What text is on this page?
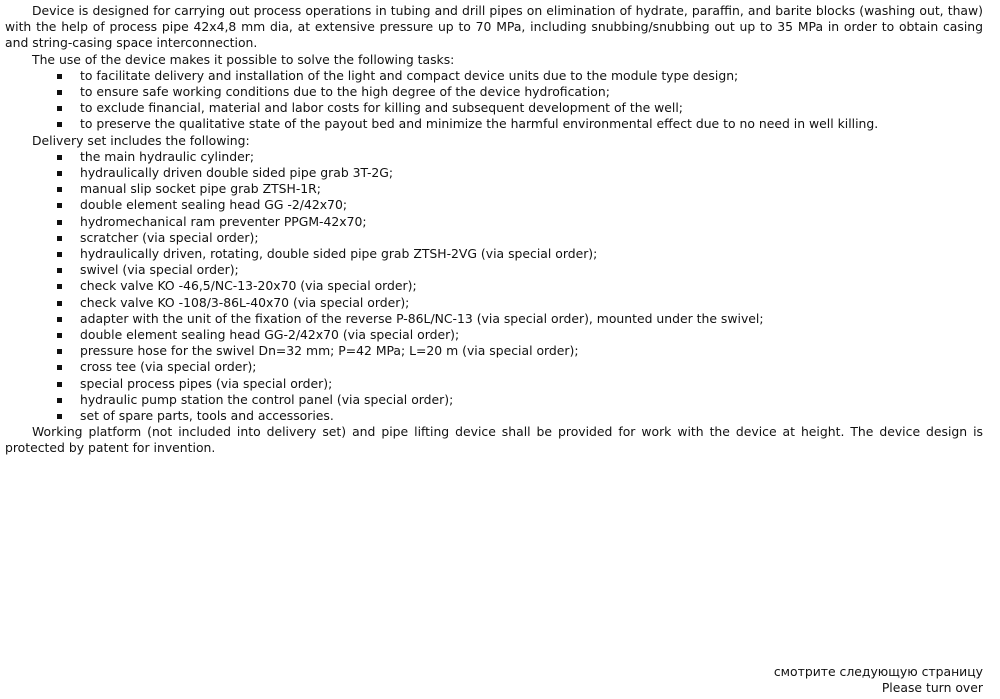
Device is designed for carrying out process operations in tubing and drill pipes on elimination of hydrate, paraffin, and barite blocks (washing out, thaw) with the help of process pipe 42x4,8 mm dia, at extensive pressure up to 70 MPa, including snubbing/snubbing out up to 35 MPa in order to obtain casing and string-casing space interconnection.

The use of the device makes it possible to solve the following tasks:

to facilitate delivery and installation of the light and compact device units due to the module type design;
to ensure safe working conditions due to the high degree of the device hydrofication;
to exclude financial, material and labor costs for killing and subsequent development of the well;
to preserve the qualitative state of the payout bed and minimize the harmful environmental effect due to no need in well killing.

Delivery set includes the following:

the main hydraulic cylinder;
hydraulically driven double sided pipe grab 3T-2G;
manual slip socket pipe grab ZTSH-1R;
double element sealing head GG -2/42x70;
hydromechanical ram preventer PPGM-42x70;
scratcher (via special order);
hydraulically driven, rotating, double sided pipe grab ZTSH-2VG (via special order);
swivel (via special order);
check valve KO -46,5/NC-13-20x70 (via special order);
check valve KO -108/3-86L-40x70 (via special order);
adapter with the unit of the fixation of the reverse P-86L/NC-13 (via special order), mounted under the swivel;
double element sealing head GG-2/42x70 (via special order);
pressure hose for the swivel Dn=32 mm; P=42 MPa; L=20 m (via special order);
cross tee (via special order);
special process pipes (via special order);
hydraulic pump station the control panel (via special order);
set of spare parts, tools and accessories.

Working platform (not included into delivery set) and pipe lifting device shall be provided for work with the device at height. The device design is protected by patent for invention.

смотрите следующую страницу
Please turn over
